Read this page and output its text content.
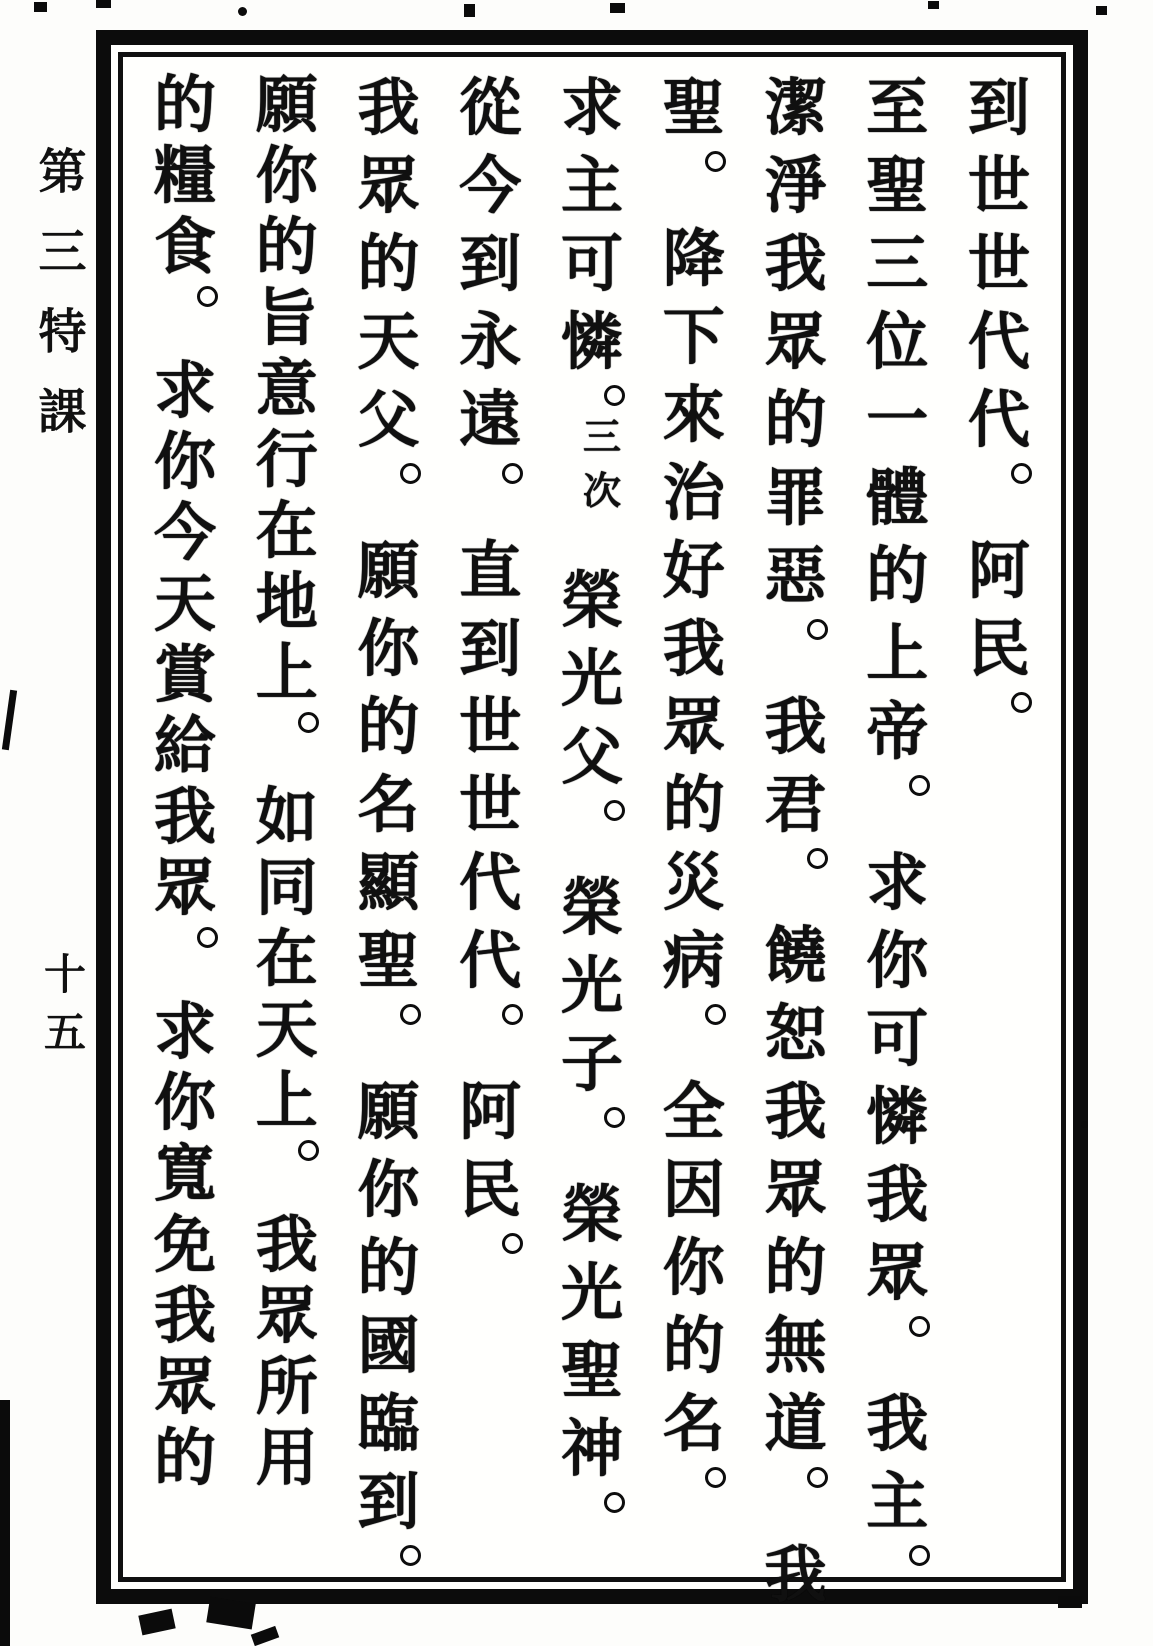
第三特課
十五
到
世
世
代
代
阿
民
至
聖
三
位
一
體
的
上
帝
求
你
可
憐
我
眾
我
主
潔
淨
我
眾
的
罪
惡
我
君
饒
恕
我
眾
的
無
道
我
聖
降
下
來
治
好
我
眾
的
災
病
全
因
你
的
名
求
主
可
憐
三
次
榮
光
父
榮
光
子
榮
光
聖
神
從
今
到
永
遠
直
到
世
世
代
代
阿
民
我
眾
的
天
父
願
你
的
名
顯
聖
願
你
的
國
臨
到
願
你
的
旨
意
行
在
地
上
如
同
在
天
上
我
眾
所
用
的
糧
食
求
你
今
天
賞
給
我
眾
求
你
寬
免
我
眾
的
